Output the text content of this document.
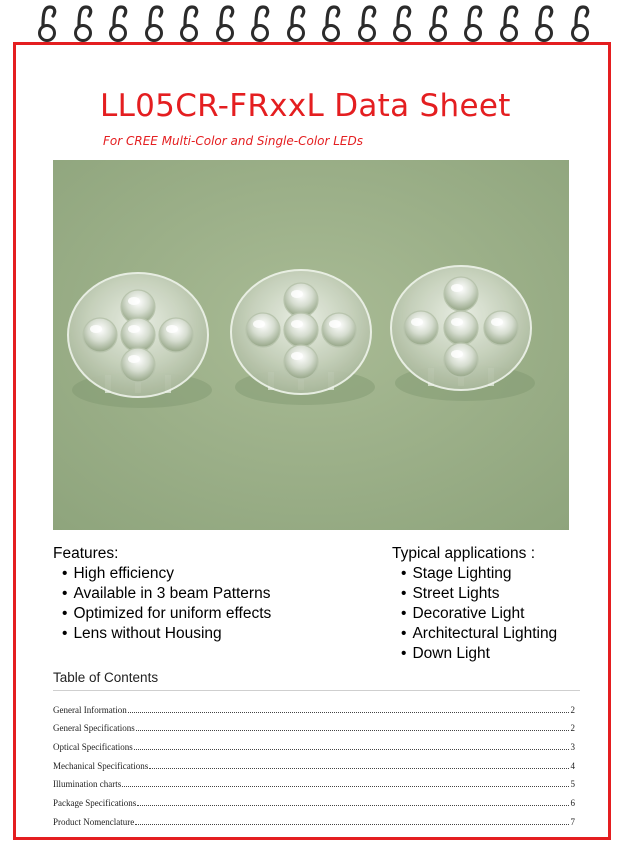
LL05CR-FRxxL Data Sheet
For CREE Multi-Color and Single-Color LEDs
Features:
• High efficiency
• Available in 3 beam Patterns
• Optimized for uniform effects
• Lens without Housing
Typical applications :
• Stage Lighting
• Street Lights
• Decorative Light
• Architectural Lighting
• Down Light
Table of Contents
General Information	2
General Specifications	2
Optical Specifications	3
Mechanical Specifications	4
Illumination charts	5
Package Specifications	6
Product Nomenclature	7
